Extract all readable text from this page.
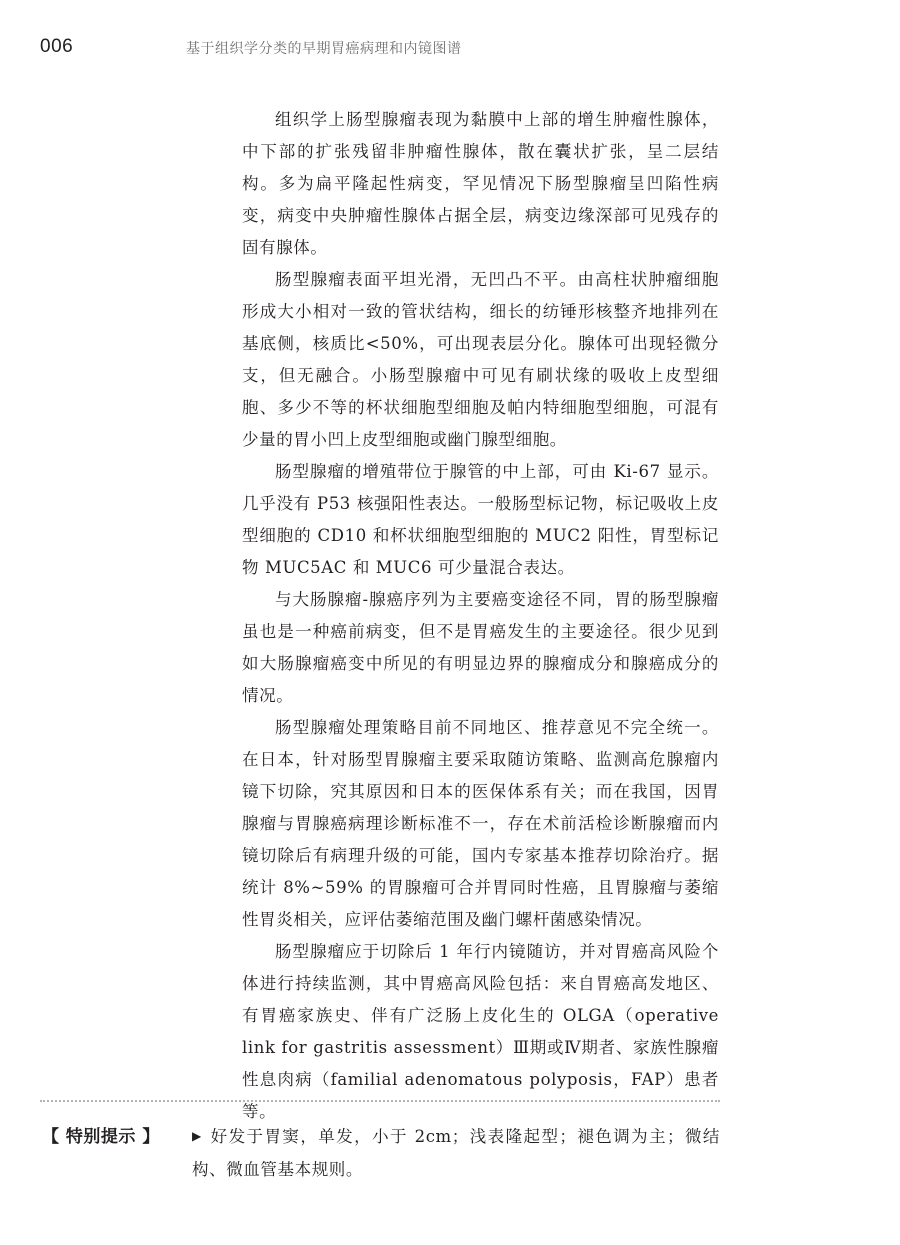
006	基于组织学分类的早期胃癌病理和内镜图谱

组织学上肠型腺瘤表现为黏膜中上部的增生肿瘤性腺体，中下部的扩张残留非肿瘤性腺体，散在囊状扩张，呈二层结构。多为扁平隆起性病变，罕见情况下肠型腺瘤呈凹陷性病变，病变中央肿瘤性腺体占据全层，病变边缘深部可见残存的固有腺体。

肠型腺瘤表面平坦光滑，无凹凸不平。由高柱状肿瘤细胞形成大小相对一致的管状结构，细长的纺锤形核整齐地排列在基底侧，核质比<50%，可出现表层分化。腺体可出现轻微分支，但无融合。小肠型腺瘤中可见有刷状缘的吸收上皮型细胞、多少不等的杯状细胞型细胞及帕内特细胞型细胞，可混有少量的胃小凹上皮型细胞或幽门腺型细胞。

肠型腺瘤的增殖带位于腺管的中上部，可由 Ki-67 显示。几乎没有 P53 核强阳性表达。一般肠型标记物，标记吸收上皮型细胞的 CD10 和杯状细胞型细胞的 MUC2 阳性，胃型标记物 MUC5AC 和 MUC6 可少量混合表达。

与大肠腺瘤-腺癌序列为主要癌变途径不同，胃的肠型腺瘤虽也是一种癌前病变，但不是胃癌发生的主要途径。很少见到如大肠腺瘤癌变中所见的有明显边界的腺瘤成分和腺癌成分的情况。

肠型腺瘤处理策略目前不同地区、推荐意见不完全统一。在日本，针对肠型胃腺瘤主要采取随访策略、监测高危腺瘤内镜下切除，究其原因和日本的医保体系有关；而在我国，因胃腺瘤与胃腺癌病理诊断标准不一，存在术前活检诊断腺瘤而内镜切除后有病理升级的可能，国内专家基本推荐切除治疗。据统计 8%~59% 的胃腺瘤可合并胃同时性癌，且胃腺瘤与萎缩性胃炎相关，应评估萎缩范围及幽门螺杆菌感染情况。

肠型腺瘤应于切除后 1 年行内镜随访，并对胃癌高风险个体进行持续监测，其中胃癌高风险包括：来自胃癌高发地区、有胃癌家族史、伴有广泛肠上皮化生的 OLGA（operative link for gastritis assessment）Ⅲ期或Ⅳ期者、家族性腺瘤性息肉病（familial adenomatous polyposis，FAP）患者等。

【 特别提示 】	▶ 好发于胃窦，单发，小于 2cm；浅表隆起型；褪色调为主；微结构、微血管基本规则。
